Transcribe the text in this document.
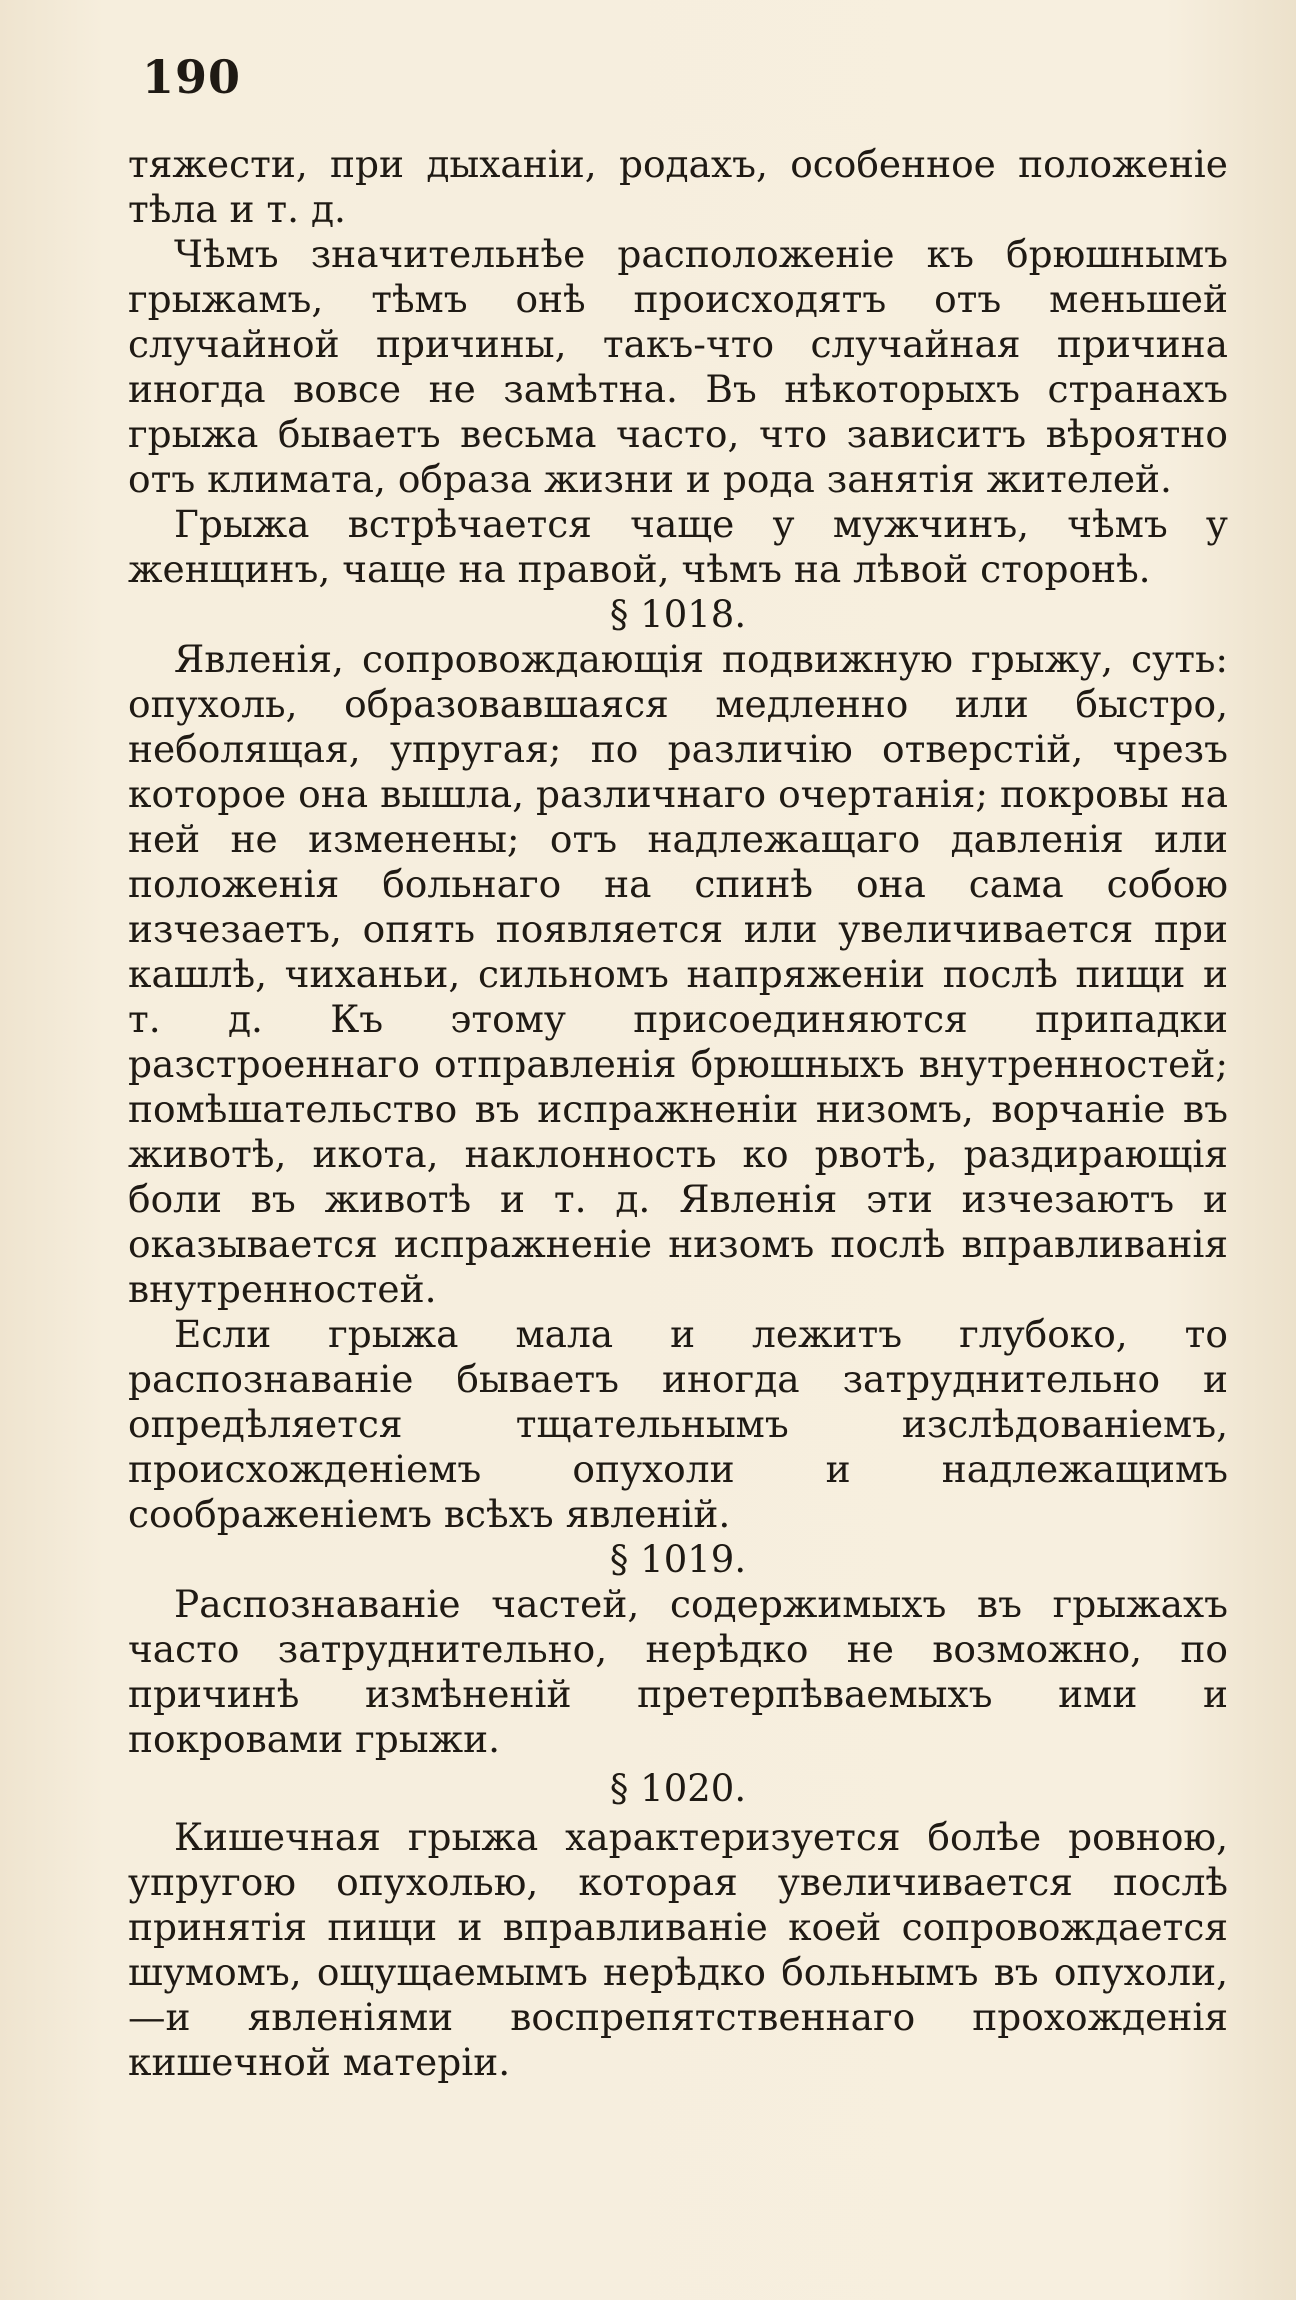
190

тяжести, при дыханіи, родахъ, особенное положеніе тѣла и т. д.

Чѣмъ значительнѣе расположеніе къ брюшнымъ грыжамъ, тѣмъ онѣ происходятъ отъ меньшей случайной причины, такъ-что случайная причина иногда вовсе не замѣтна. Въ нѣкоторыхъ странахъ грыжа бываетъ весьма часто, что зависитъ вѣроятно отъ климата, образа жизни и рода занятія жителей.

Грыжа встрѣчается чаще у мужчинъ, чѣмъ у женщинъ, чаще на правой, чѣмъ на лѣвой сторонѣ.

§ 1018.

Явленія, сопровождающія подвижную грыжу, суть: опухоль, образовавшаяся медленно или быстро, неболящая, упругая; по различію отверстій, чрезъ которое она вышла, различнаго очертанія; покровы на ней не изменены; отъ надлежащаго давленія или положенія больнаго на спинѣ она сама собою изчезаетъ, опять появляется или увеличивается при кашлѣ, чиханьи, сильномъ напряженіи послѣ пищи и т. д. Къ этому присоединяются припадки разстроеннаго отправленія брюшныхъ внутренностей; помѣшательство въ испражненіи низомъ, ворчаніе въ животѣ, икота, наклонность ко рвотѣ, раздирающія боли въ животѣ и т. д. Явленія эти изчезаютъ и оказывается испражненіе низомъ послѣ вправливанія внутренностей.

Если грыжа мала и лежитъ глубоко, то распознаваніе бываетъ иногда затруднительно и опредѣляется тщательнымъ изслѣдованіемъ, происхожденіемъ опухоли и надлежащимъ соображеніемъ всѣхъ явленій.

§ 1019.

Распознаваніе частей, содержимыхъ въ грыжахъ часто затруднительно, нерѣдко не возможно, по причинѣ измѣненій претерпѣваемыхъ ими и покровами грыжи.

§ 1020.

Кишечная грыжа характеризуется болѣе ровною, упругою опухолью, которая увеличивается послѣ принятія пищи и вправливаніе коей сопровождается шумомъ, ощущаемымъ нерѣдко больнымъ въ опухоли, —и явленіями воспрепятственнаго прохожденія кишечной матеріи.
